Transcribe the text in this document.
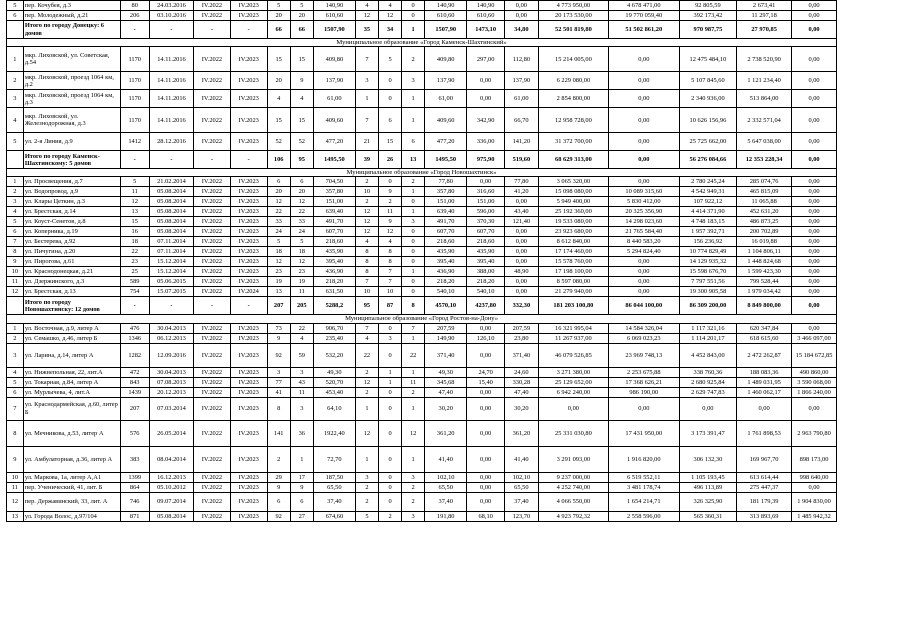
5	пер. Кочубея, д.3	80	24.03.2016	IV.2022	IV.2023	5	5	140,90	4	4	0	140,90	140,90	0,00	4 773 950,00	4 678 471,00	92 805,59	2 673,41	0,00
6	пер. Молодежный, д.21	206	03.10.2016	IV.2022	IV.2023	20	20	610,60	12	12	0	610,60	610,60	0,00	20 173 530,00	19 770 059,40	392 173,42	11 297,18	0,00
	Итого по городу Донецку: 6 домов	-	-	-	-	66	66	1507,90	35	34	1	1507,90	1473,10	34,80	52 501 819,80	51 502 861,20	970 987,75	27 970,85	0,00
Муниципальное образование «Город Каменск-Шахтинский»																			
1	мкр. Лиховской, ул. Советская, д.54	1170	14.11.2016	IV.2022	IV.2023	15	15	409,80	7	5	2	409,80	297,00	112,80	15 214 005,00	0,00	12 475 484,10	2 738 520,90	0,00
2	мкр. Лиховской, проезд 1064 км, д.2	1170	14.11.2016	IV.2022	IV.2023	20	9	137,90	3	0	3	137,90	0,00	137,90	6 229 080,00	0,00	5 107 845,60	1 121 234,40	0,00
3	мкр. Лиховской, проезд 1064 км, д.3	1170	14.11.2016	IV.2022	IV.2023	4	4	61,00	1	0	1	61,00	0,00	61,00	2 854 800,00	0,00	2 340 936,00	513 864,00	0,00
4	мкр. Лиховской, ул. Железнодорожная, д.3	1170	14.11.2016	IV.2022	IV.2023	15	15	409,60	7	6	1	409,60	342,90	66,70	12 958 728,00	0,00	10 626 156,96	2 332 571,04	0,00
5	ул. 2-я Линия, д.9	1412	28.12.2016	IV.2022	IV.2023	52	52	477,20	21	15	6	477,20	336,00	141,20	31 372 700,00	0,00	25 725 662,00	5 647 038,00	0,00
	Итого по городу Каменск-Шахтинскому: 5 домов	-	-	-	-	106	95	1495,50	39	26	13	1495,50	975,90	519,60	68 629 313,00	0,00	56 276 084,66	12 353 228,34	0,00
Муниципальное образование «Город Новошахтинск»																			
1	ул. Просвещения, д.7	5	21.02.2014	IV.2022	IV.2023	6	6	704,50	2	0	2	77,80	0,00	77,80	3 065 320,00	0,00	2 780 245,24	285 074,76	0,00
2	ул. Водопровод, д.9	11	05.08.2014	IV.2022	IV.2023	20	20	357,80	10	9	1	357,80	316,60	41,20	15 098 080,00	10 089 315,60	4 542 949,31	465 815,09	0,00
3	ул. Клары Цеткин, д.3	12	05.08.2014	IV.2022	IV.2023	12	12	151,00	2	2	0	151,00	151,00	0,00	5 949 400,00	5 830 412,00	107 922,12	11 065,88	0,00
4	ул. Брестская, д.14	13	05.08.2014	IV.2022	IV.2023	22	22	639,40	12	11	1	639,40	596,00	43,40	25 192 360,00	20 325 356,90	4 414 371,90	452 631,20	0,00
5	ул. Коуст-Сенетов, д.8	15	05.08.2014	IV.2022	IV.2023	33	33	491,70	12	9	3	491,70	370,30	121,40	19 533 080,00	14 298 023,60	4 748 183,15	486 873,25	0,00
6	ул. Коперника, д.19	16	05.08.2014	IV.2022	IV.2023	24	24	607,70	12	12	0	607,70	607,70	0,00	23 923 680,00	21 765 584,40	1 957 392,71	200 702,89	0,00
7	ул. Бестерева, д.92	18	07.11.2014	IV.2022	IV.2023	5	5	218,60	4	4	0	218,60	218,60	0,00	8 612 840,00	8 440 583,20	156 236,92	16 019,88	0,00
8	ул. Пичугина, д.20	22	07.11.2014	IV.2022	IV.2023	18	18	435,90	8	8	0	435,90	435,90	0,00	17 174 460,00	5 294 824,40	10 774 829,49	1 104 806,11	0,00
9	ул. Пирогова, д.61	23	15.12.2014	IV.2022	IV.2023	12	12	395,40	8	8	0	395,40	395,40	0,00	15 578 760,00	0,00	14 129 935,32	1 448 824,68	0,00
10	ул. Краснодонецкая, д.21	25	15.12.2014	IV.2022	IV.2023	23	23	436,90	8	7	1	436,90	388,00	48,90	17 198 100,00	0,00	15 598 676,70	1 599 423,30	0,00
11	ул. Дзержинского, д.3	589	05.06.2015	IV.2022	IV.2023	19	19	218,20	7	7	0	218,20	218,20	0,00	8 597 080,00	0,00	7 797 551,56	799 528,44	0,00
12	ул. Брестская, д.13	754	15.07.2015	IV.2022	IV.2024	13	11	631,50	10	10	0	540,10	540,10	0,00	21 279 940,00	0,00	19 300 905,58	1 979 034,42	0,00
	Итого по городу Новошахтинску: 12 домов	-	-	-	-	207	205	5288,2	95	87	8	4570,10	4237,80	332,30	181 203 100,80	86 044 100,00	86 309 200,00	8 849 800,00	0,00
Муниципальное образование «Город Ростов-на-Дону»																			
1	ул. Восточная, д.9, литер А	476	30.04.2013	IV.2022	IV.2023	73	22	906,70	7	0	7	207,59	0,00	207,59	16 321 995,04	14 584 326,04	1 117 321,16	620 347,84	0,00
2	ул. Семашко, д.46, литер Б	1346	06.12.2013	IV.2022	IV.2023	9	4	235,40	4	3	1	149,90	126,10	23,80	11 267 937,00	6 069 023,23	1 114 201,17	618 615,60	3 466 097,00
3	ул. Ларина, д.14, литер А	1282	12.09.2016	IV.2022	IV.2023	92	59	532,20	22	0	22	371,40	0,00	371,40	46 079 526,85	23 969 748,13	4 452 843,00	2 472 262,87	15 184 672,85
4	ул. Нижнепольная, 22, лит.А	472	30.04.2013	IV.2022	IV.2023	3	3	49,30	2	1	1	49,30	24,70	24,60	3 271 380,00	2 253 675,88	338 760,36	188 083,36	490 860,00
5	ул. Токарная, д.84, литер А	843	07.08.2013	IV.2022	IV.2023	77	43	520,70	12	1	11	345,68	15,40	330,28	25 129 652,00	17 368 626,21	2 680 925,84	1 489 031,95	3 590 068,00
6	ул. Мурлычева, 4, лит.А	1439	20.12.2013	IV.2022	IV.2023	41	11	453,40	2	0	2	47,40	0,00	47,40	6 942 240,00	986 190,00	2 629 747,83	1 460 062,17	1 866 240,00
7	ул. Краснодармейская, д.60, литер Б	207	07.03.2014	IV.2022	IV.2023	8	3	64,10	1	0	1	30,20	0,00	30,20	0,00	0,00	0,00	0,00	0,00
8	ул. Мечникова, д.53, литер А	576	26.05.2014	IV.2022	IV.2023	141	36	1922,40	12	0	12	361,20	0,00	361,20	25 331 030,80	17 431 950,00	3 173 391,47	1 761 898,53	2 963 790,80
9	ул. Амбулаторная, д.36, литер А	383	08.04.2014	IV.2022	IV.2023	2	1	72,70	1	0	1	41,40	0,00	41,40	3 291 093,00	1 916 820,00	306 132,30	169 967,70	898 173,00
10	ул. Маркова, 1а, литер А,А1	1399	16.12.2013	IV.2022	IV.2023	29	17	187,50	3	0	3	102,10	0,00	102,10	9 237 000,00	6 519 552,11	1 105 193,45	613 614,44	998 640,00
11	пер. Ученический, 41, лит. Б	864	05.10.2012	IV.2022	IV.2023	9	9	65,50	2	0	2	65,50	0,00	65,50	4 252 740,00	3 481 178,74	496 113,89	275 447,37	0,00
12	пер. Державинский, 33, лит. А	746	09.07.2014	IV.2022	IV.2023	6	6	37,40	2	0	2	37,40	0,00	37,40	4 066 550,00	1 654 214,71	326 325,90	181 179,39	1 904 830,00
13	ул. Города Волос, д.97/104	871	05.08.2014	IV.2022	IV.2023	92	27	674,60	5	2	3	191,80	68,10	123,70	4 923 792,32	2 558 596,00	565 360,31	313 893,69	1 485 942,32
